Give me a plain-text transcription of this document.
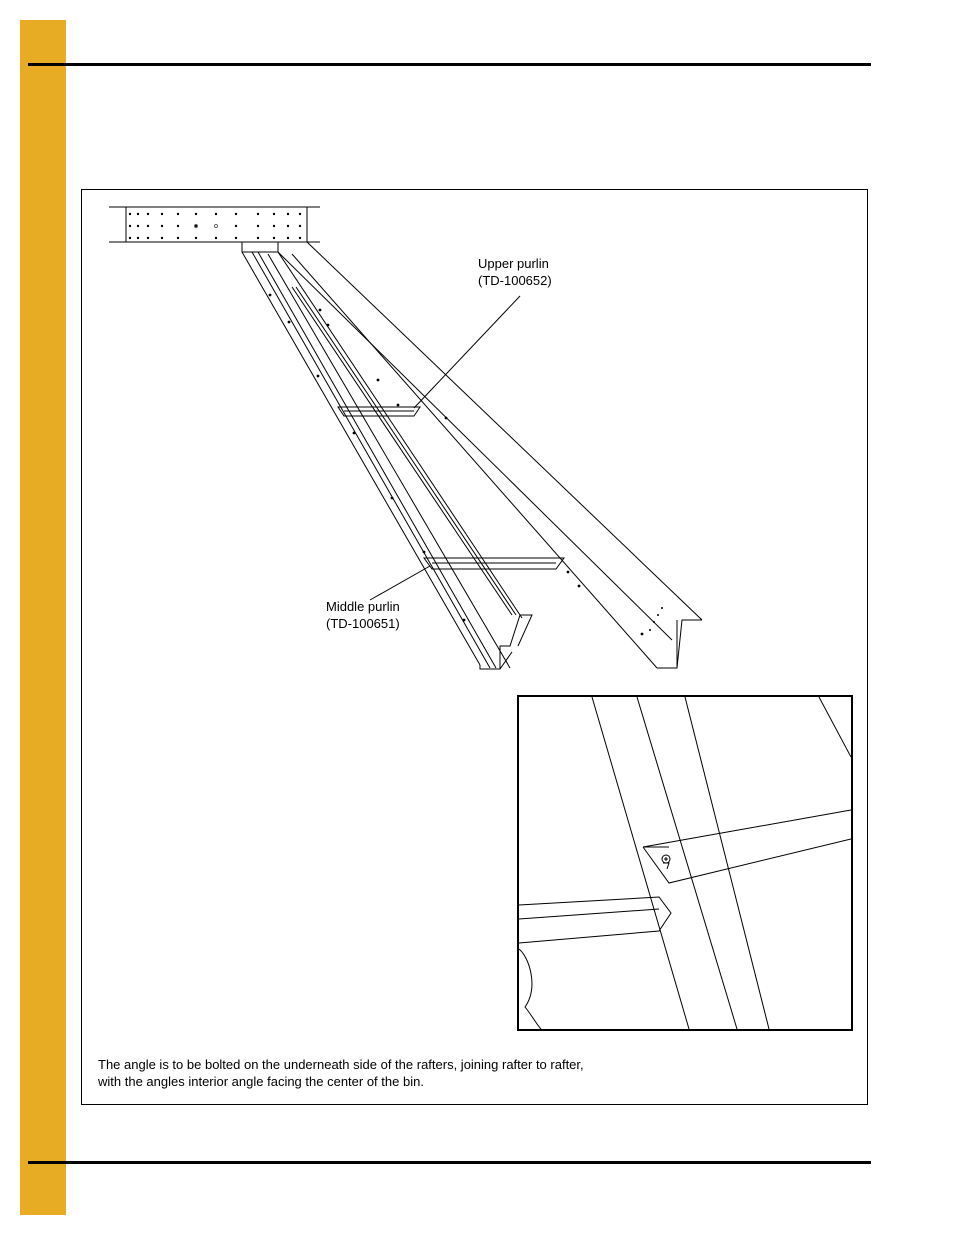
Upper purlin
(TD-100652)
Middle purlin
(TD-100651)
The angle is to be bolted on the underneath side of the rafters, joining rafter to rafter,
with the angles interior angle facing the center of the bin.
